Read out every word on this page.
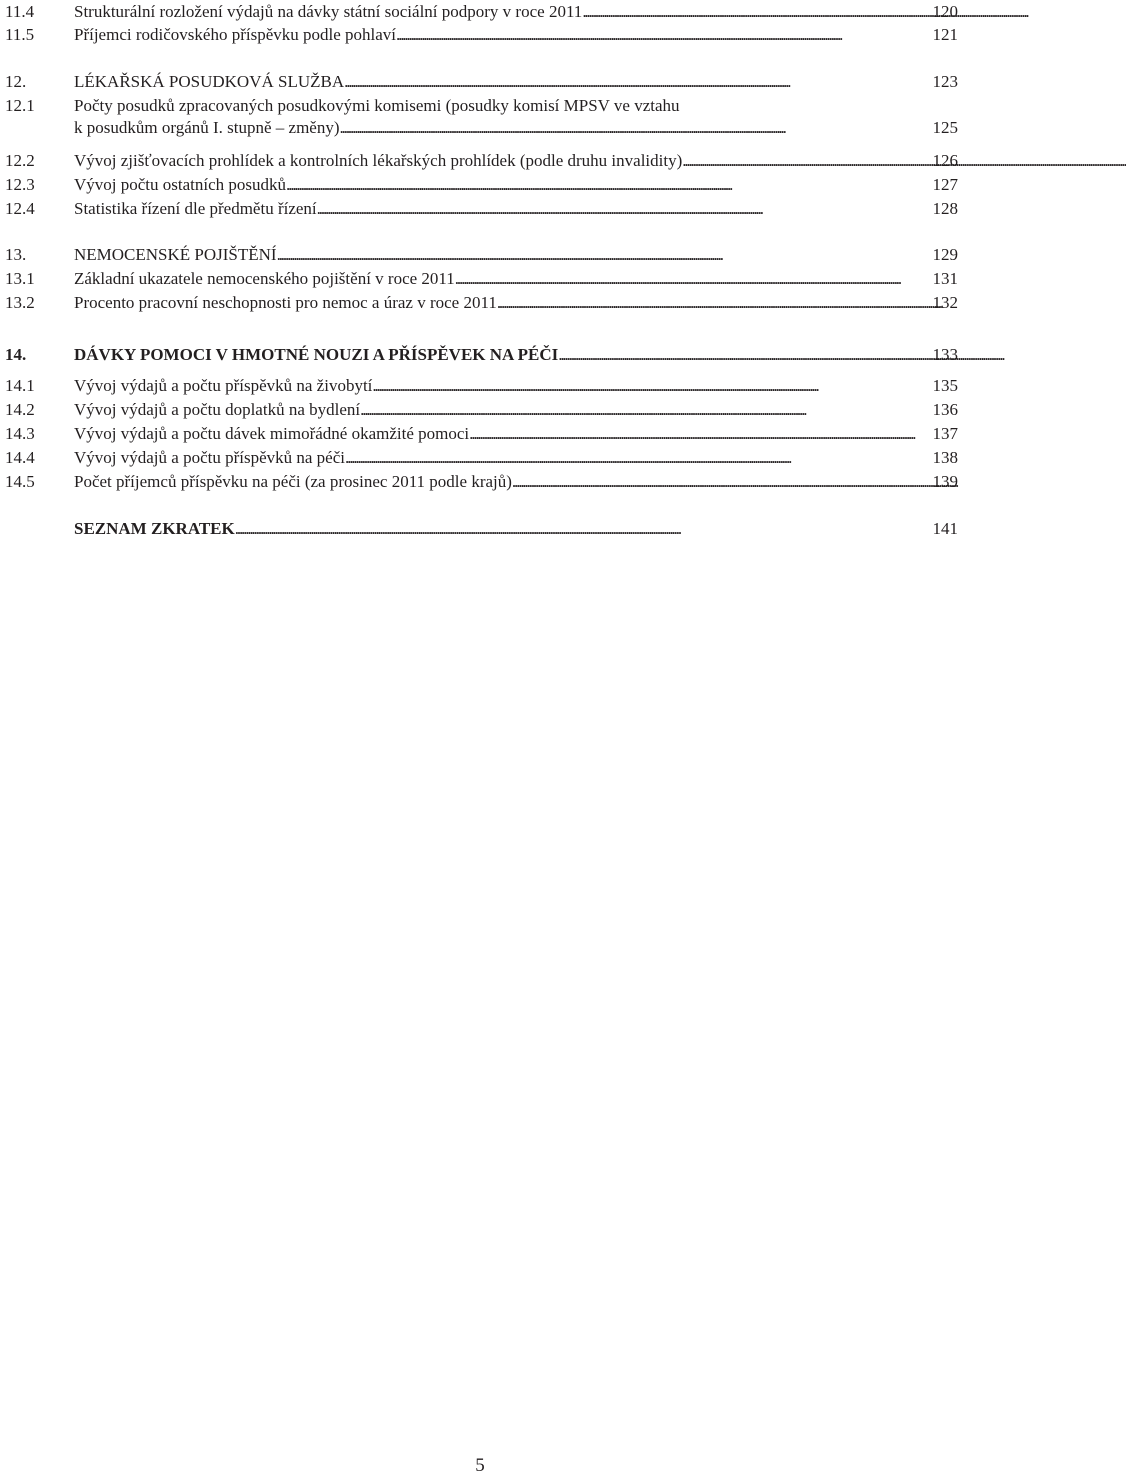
11.4 Strukturální rozložení výdajů na dávky státní sociální podpory v roce 2011 . . .	120
11.5 Příjemci rodičovského příspěvku podle pohlaví . . .	121
12.	LÉKAŘSKÁ POSUDKOVÁ SLUŽBA . . .	123
12.1 Počty posudků zpracovaných posudkovými komisemi (posudky komisí MPSV ve vztahu
k posudkům orgánů I. stupně – změny) . . .	125
12.2 Vývoj zjišťovacích prohlídek a kontrolních lékařských prohlídek (podle druhu invalidity) . . .	126
12.3 Vývoj počtu ostatních posudků . . .	127
12.4 Statistika řízení dle předmětu řízení . . .	128
13.	NEMOCENSKÉ POJIŠTĚNÍ . . .	129
13.1 Základní ukazatele nemocenského pojištění v roce 2011 . . .	131
13.2 Procento pracovní neschopnosti pro nemoc a úraz v roce 2011 . . .	132
14.	DÁVKY POMOCI V HMOTNÉ NOUZI A PŘÍSPĚVEK NA PÉČI . . .	133
14.1 Vývoj výdajů a počtu příspěvků na živobytí . . .	135
14.2 Vývoj výdajů a počtu doplatků na bydlení . . .	136
14.3 Vývoj výdajů a počtu dávek mimořádné okamžité pomoci . . .	137
14.4 Vývoj výdajů a počtu příspěvků na péči . . .	138
14.5 Počet příjemců příspěvku na péči (za prosinec 2011 podle krajů) . . .	139
SEZNAM ZKRATEK . . .	141
5
